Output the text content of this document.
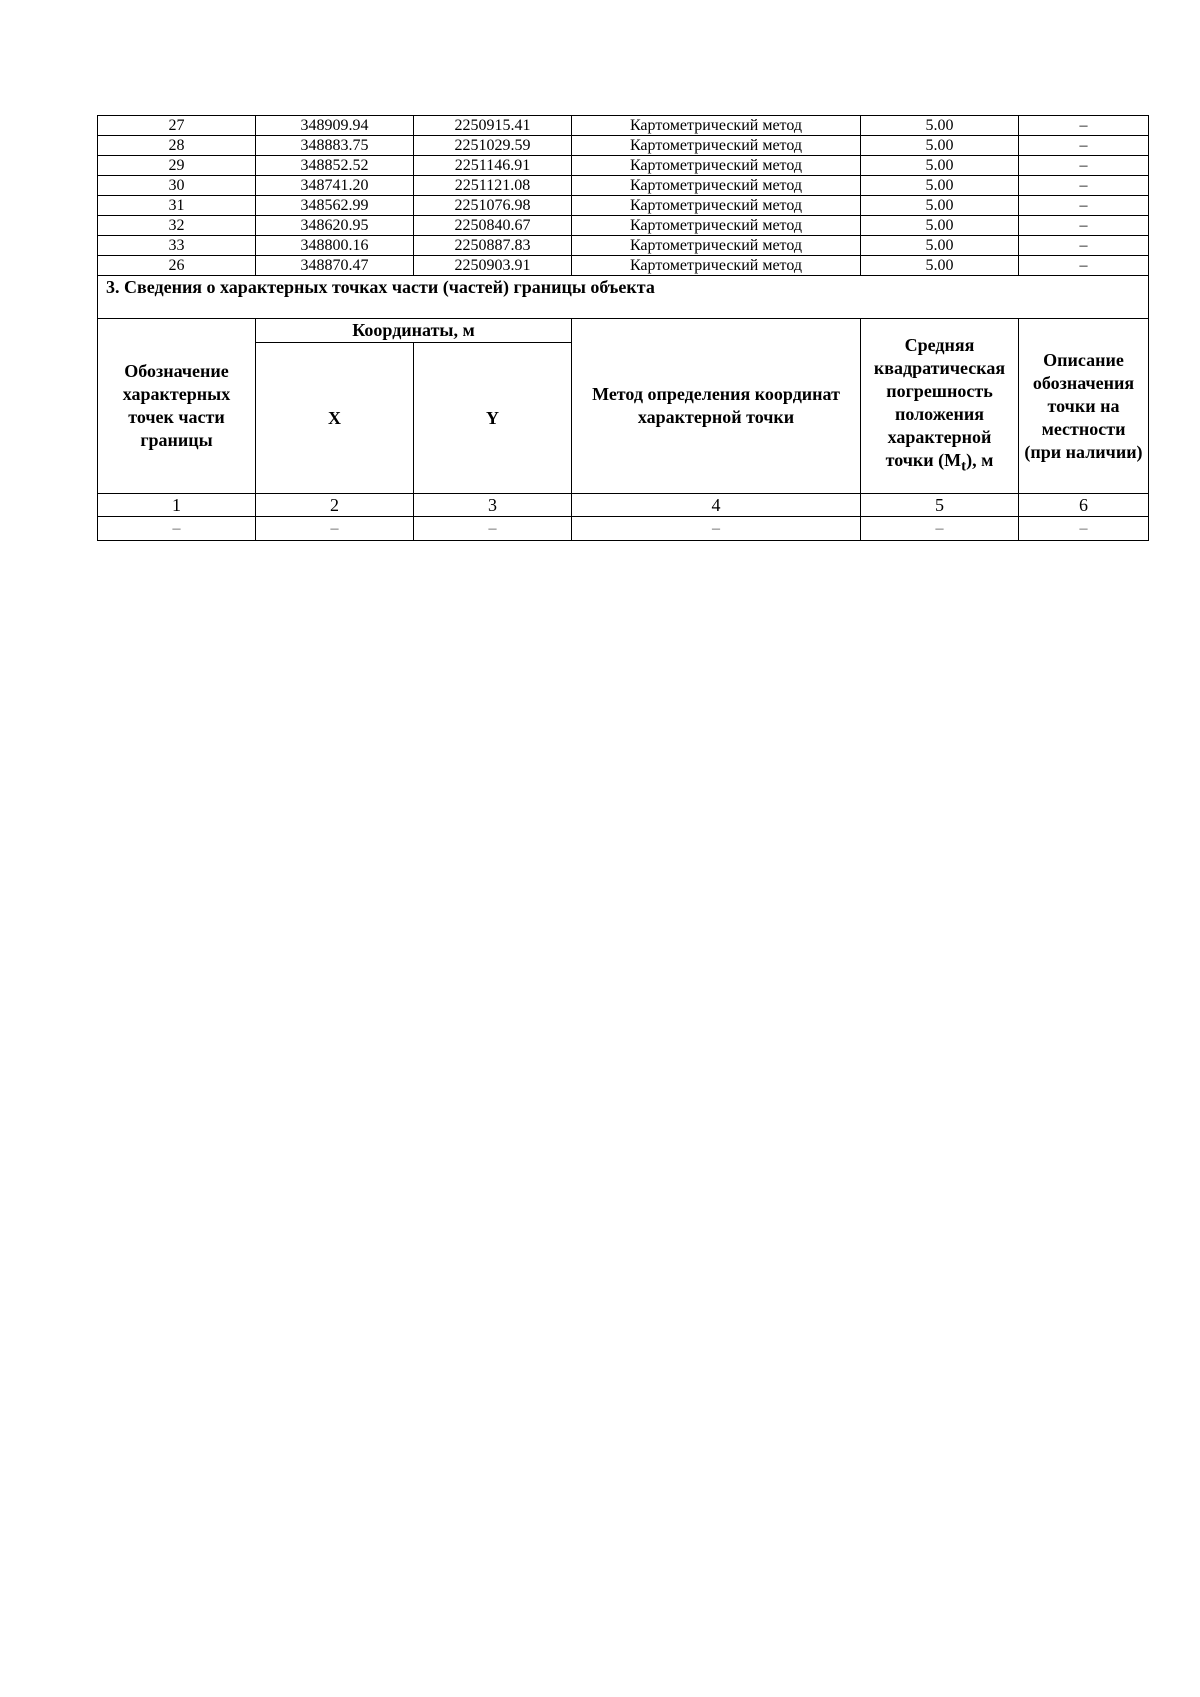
27	348909.94	2250915.41	Картометрический метод	5.00	–
28	348883.75	2251029.59	Картометрический метод	5.00	–
29	348852.52	2251146.91	Картометрический метод	5.00	–
30	348741.20	2251121.08	Картометрический метод	5.00	–
31	348562.99	2251076.98	Картометрический метод	5.00	–
32	348620.95	2250840.67	Картометрический метод	5.00	–
33	348800.16	2250887.83	Картометрический метод	5.00	–
26	348870.47	2250903.91	Картометрический метод	5.00	–
3. Сведения о характерных точках части (частей) границы объекта					
Обозначение характерных точек части границы	Координаты, м		Метод определения координат характерной точки	Средняя квадратическая погрешность положения характерной точки $(M_t)$, м	Описание обозначения точки на местности (при наличии)
	X	Y			
1	2	3	4	5	6
–	–	–	–	–	–
